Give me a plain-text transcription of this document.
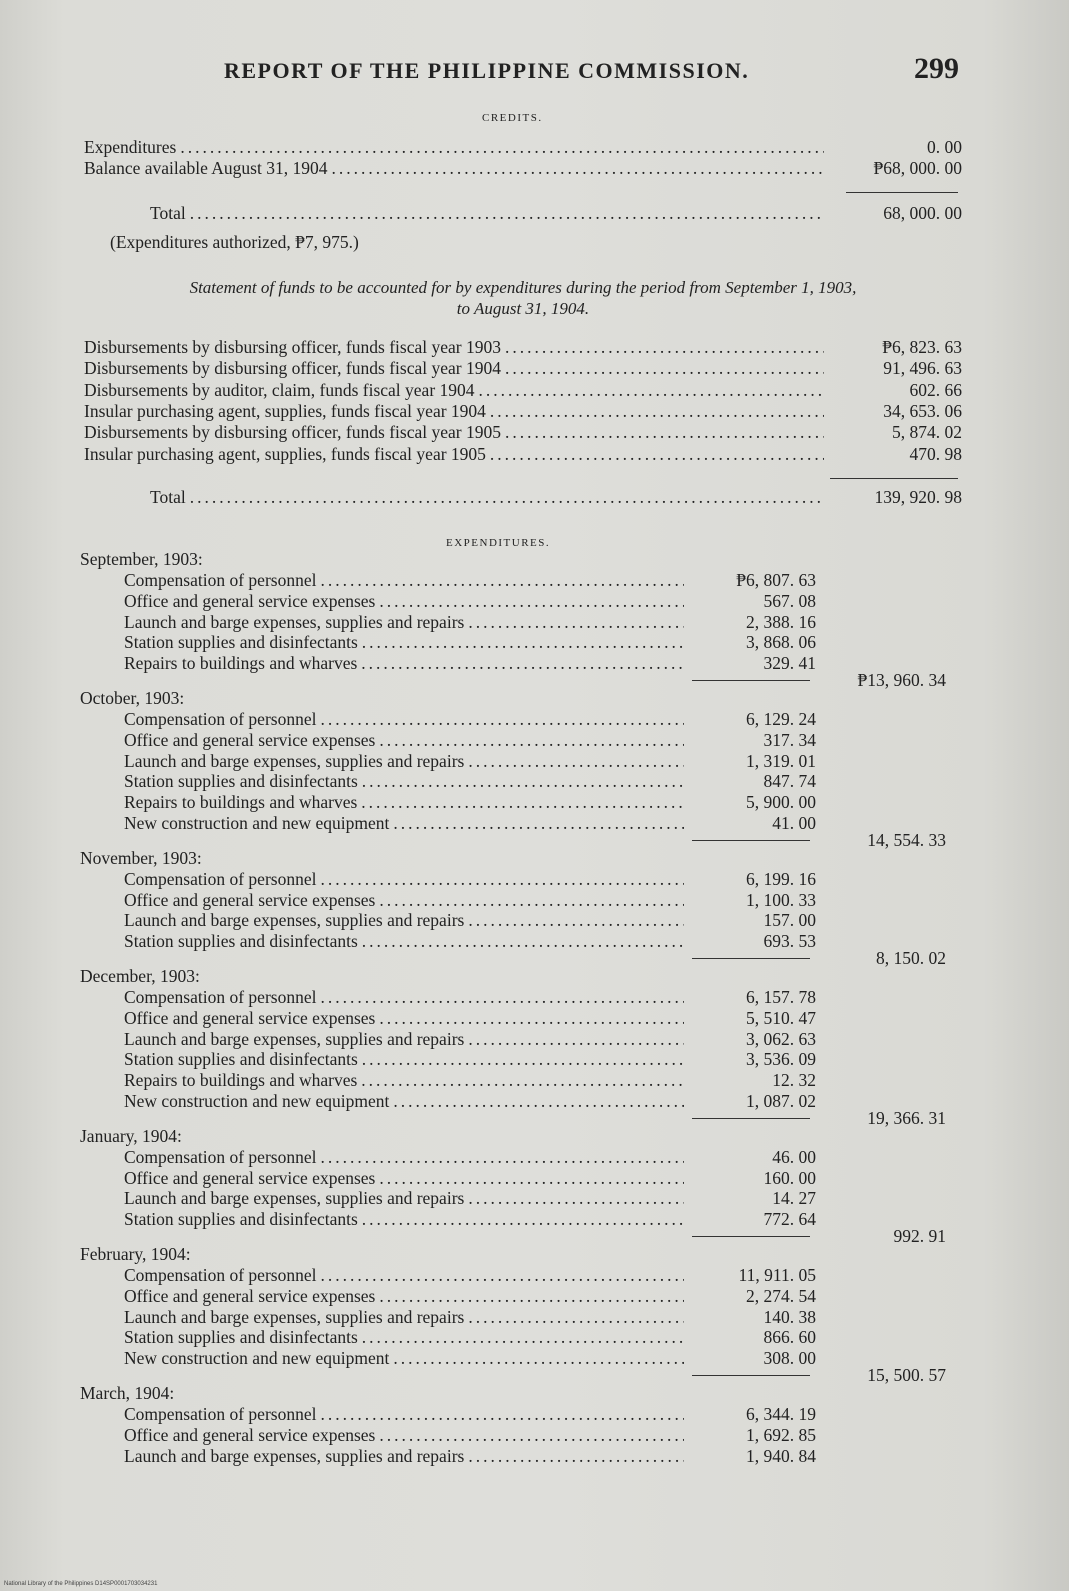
REPORT OF THE PHILIPPINE COMMISSION.	299
CREDITS.
Expenditures .....	0. 00
Balance available August 31, 1904 .....	₱68, 000. 00
Total .....	68, 000. 00
(Expenditures authorized, ₱7, 975.)
Statement of funds to be accounted for by expenditures during the period from September 1, 1903,
to August 31, 1904.
Disbursements by disbursing officer, funds fiscal year 1903 .....	₱6, 823. 63
Disbursements by disbursing officer, funds fiscal year 1904 .....	91, 496. 63
Disbursements by auditor, claim, funds fiscal year 1904 .....	602. 66
Insular purchasing agent, supplies, funds fiscal year 1904 .....	34, 653. 06
Disbursements by disbursing officer, funds fiscal year 1905 .....	5, 874. 02
Insular purchasing agent, supplies, funds fiscal year 1905 .....	470. 98
Total .....	139, 920. 98
EXPENDITURES.
September, 1903:
Compensation of personnel .....	₱6, 807. 63
Office and general service expenses .....	567. 08
Launch and barge expenses, supplies and repairs .....	2, 388. 16
Station supplies and disinfectants .....	3, 868. 06
Repairs to buildings and wharves .....	329. 41
₱13, 960. 34
October, 1903:
Compensation of personnel .....	6, 129. 24
Office and general service expenses .....	317. 34
Launch and barge expenses, supplies and repairs .....	1, 319. 01
Station supplies and disinfectants .....	847. 74
Repairs to buildings and wharves .....	5, 900. 00
New construction and new equipment .....	41. 00
14, 554. 33
November, 1903:
Compensation of personnel .....	6, 199. 16
Office and general service expenses .....	1, 100. 33
Launch and barge expenses, supplies and repairs .....	157. 00
Station supplies and disinfectants .....	693. 53
8, 150. 02
December, 1903:
Compensation of personnel .....	6, 157. 78
Office and general service expenses .....	5, 510. 47
Launch and barge expenses, supplies and repairs .....	3, 062. 63
Station supplies and disinfectants .....	3, 536. 09
Repairs to buildings and wharves .....	12. 32
New construction and new equipment .....	1, 087. 02
19, 366. 31
January, 1904:
Compensation of personnel .....	46. 00
Office and general service expenses .....	160. 00
Launch and barge expenses, supplies and repairs .....	14. 27
Station supplies and disinfectants .....	772. 64
992. 91
February, 1904:
Compensation of personnel .....	11, 911. 05
Office and general service expenses .....	2, 274. 54
Launch and barge expenses, supplies and repairs .....	140. 38
Station supplies and disinfectants .....	866. 60
New construction and new equipment .....	308. 00
15, 500. 57
March, 1904:
Compensation of personnel .....	6, 344. 19
Office and general service expenses .....	1, 692. 85
Launch and barge expenses, supplies and repairs .....	1, 940. 84
National Library of the Philippines D14SP0001703034231
